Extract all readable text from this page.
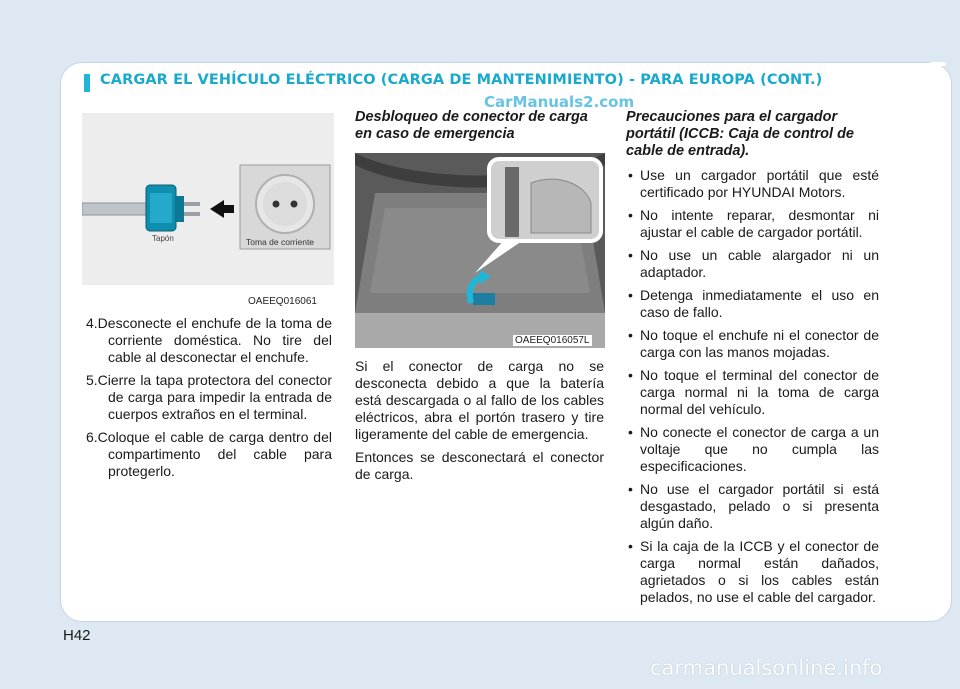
CARGAR EL VEHÍCULO ELÉCTRICO (CARGA DE MANTENIMIENTO) - PARA EUROPA (CONT.)
CarManuals2.com
Tapón	Toma de corriente
OAEEQ016061

4.Desconecte el enchufe de la toma de corriente doméstica. No tire del cable al desconectar el enchufe.

5.Cierre la tapa protectora del conector de carga para impedir la entrada de cuerpos extraños en el terminal.

6.Coloque el cable de carga dentro del compartimento del cable para protegerlo.

Desbloqueo de conector de carga en caso de emergencia
OAEEQ016057L

Si el conector de carga no se desconecta debido a que la batería está descargada o al fallo de los cables eléctricos, abra el portón trasero y tire ligeramente del cable de emergencia.

Entonces se desconectará el conector de carga.

Precauciones para el cargador portátil (ICCB: Caja de control de cable de entrada).
• Use un cargador portátil que esté certificado por HYUNDAI Motors.
• No intente reparar, desmontar ni ajustar el cable de cargador portátil.
• No use un cable alargador ni un adaptador.
• Detenga inmediatamente el uso en caso de fallo.
• No toque el enchufe ni el conector de carga con las manos mojadas.
• No toque el terminal del conector de carga normal ni la toma de carga normal del vehículo.
• No conecte el conector de carga a un voltaje que no cumpla las especificaciones.
• No use el cargador portátil si está desgastado, pelado o si presenta algún daño.
• Si la caja de la ICCB y el conector de carga normal están dañados, agrietados o si los cables están pelados, no use el cable del cargador.
H42
carmanualsonline.info
